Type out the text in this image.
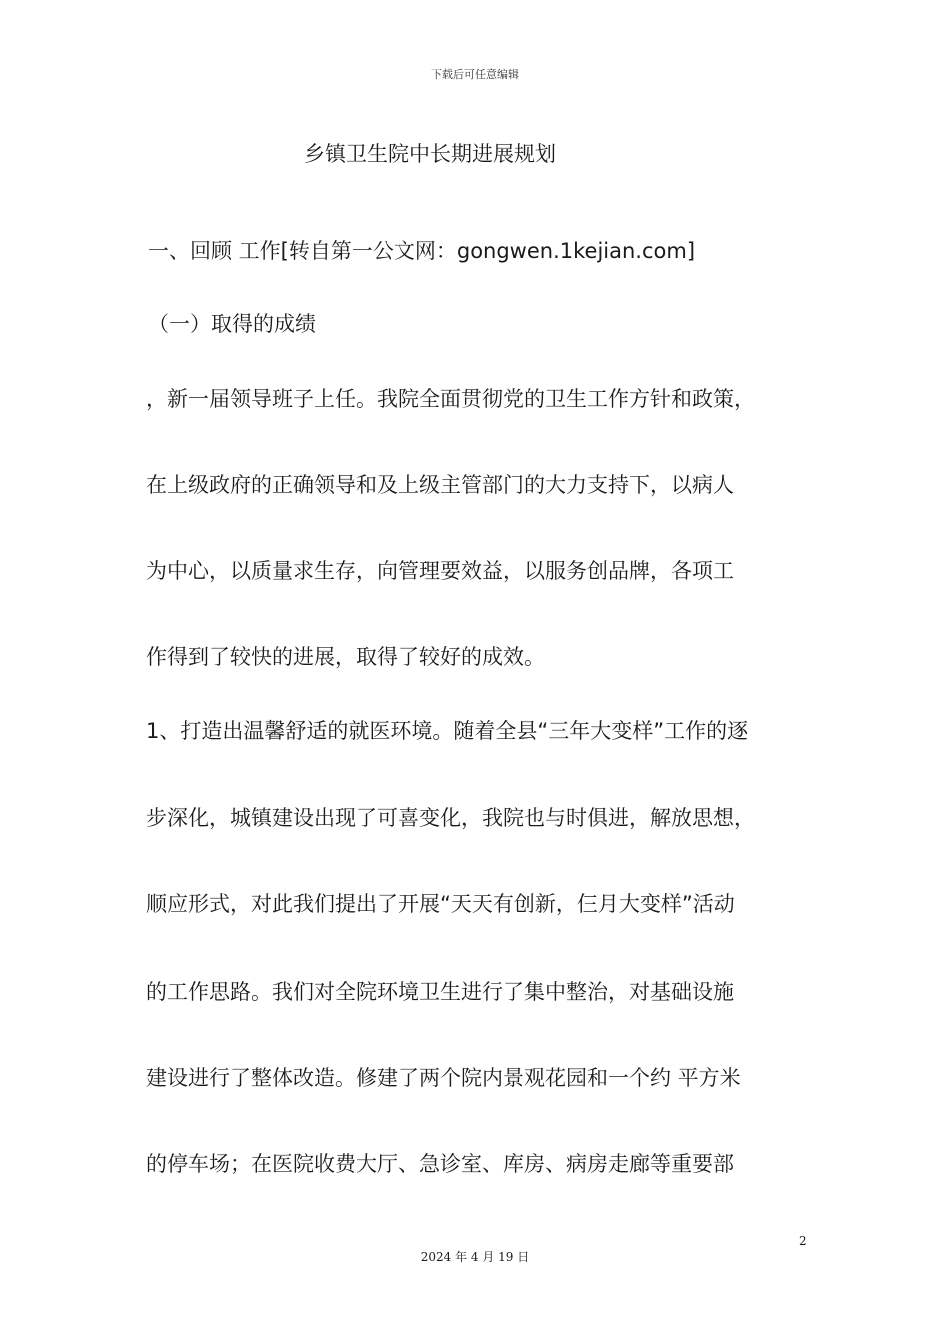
下载后可任意编辑
乡镇卫生院中长期进展规划
一、回顾 工作[转自第一公文网：gongwen.1kejian.com]
（一）取得的成绩
，新一届领导班子上任。我院全面贯彻党的卫生工作方针和政策，
在上级政府的正确领导和及上级主管部门的大力支持下，以病人
为中心，以质量求生存，向管理要效益，以服务创品牌，各项工
作得到了较快的进展，取得了较好的成效。
1、打造出温馨舒适的就医环境。随着全县“三年大变样”工作的逐
步深化，城镇建设出现了可喜变化，我院也与时俱进，解放思想，
顺应形式，对此我们提出了开展“天天有创新，仨月大变样”活动
的工作思路。我们对全院环境卫生进行了集中整治，对基础设施
建设进行了整体改造。修建了两个院内景观花园和一个约 平方米
的停车场；在医院收费大厅、急诊室、库房、病房走廊等重要部
2
2024 年 4 月 19 日
